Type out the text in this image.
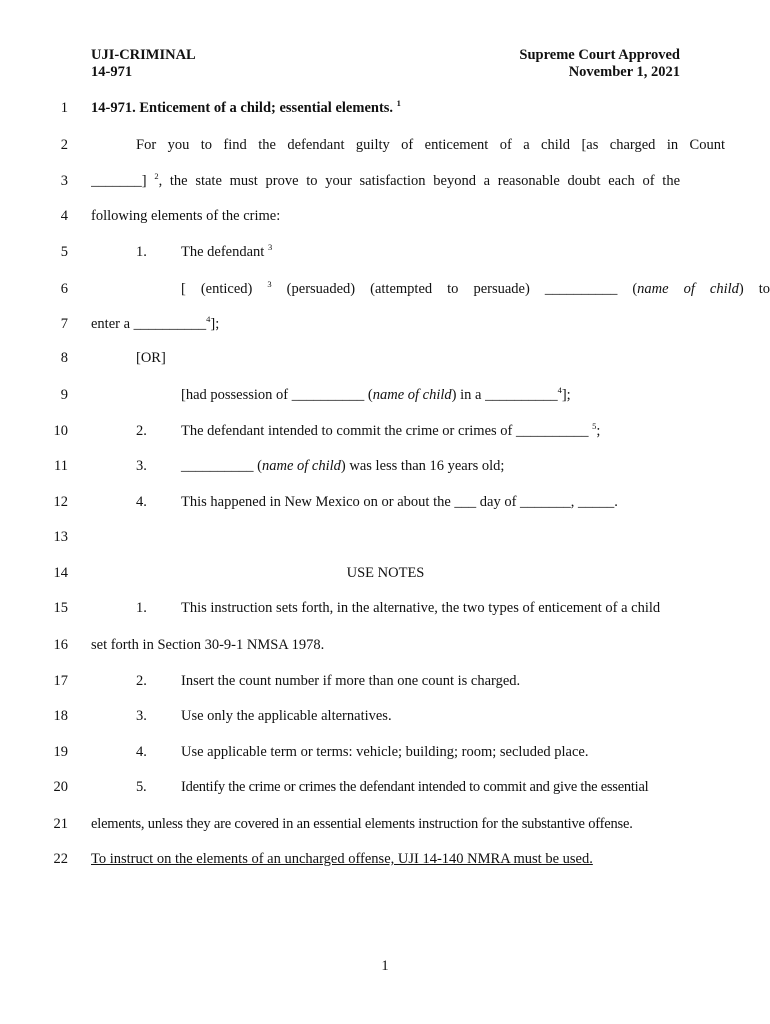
UJI-CRIMINAL
14-971
Supreme Court Approved
November 1, 2021
1 14-971. Enticement of a child; essential elements. $^1$
2	For you to find the defendant guilty of enticement of a child [as charged in Count
3 _______] $^2$, the state must prove to your satisfaction beyond a reasonable doubt each of the
4 following elements of the crime:
5	1. The defendant $^3$
6	[ (enticed) $^3$ (persuaded) (attempted to persuade) __________ (name of child) to
7 enter a __________$^4$];
8	[OR]
9	[had possession of __________ (name of child) in a __________$^4$];
10	2. The defendant intended to commit the crime or crimes of __________ $^5$;
11	3. __________ (name of child) was less than 16 years old;
12	4. This happened in New Mexico on or about the ___ day of _______, _____.
13
14	USE NOTES
15	1. This instruction sets forth, in the alternative, the two types of enticement of a child
16 set forth in Section 30-9-1 NMSA 1978.
17	2. Insert the count number if more than one count is charged.
18	3. Use only the applicable alternatives.
19	4. Use applicable term or terms: vehicle; building; room; secluded place.
20	5. Identify the crime or crimes the defendant intended to commit and give the essential
21 elements, unless they are covered in an essential elements instruction for the substantive offense.
22 To instruct on the elements of an uncharged offense, UJI 14-140 NMRA must be used.
1
